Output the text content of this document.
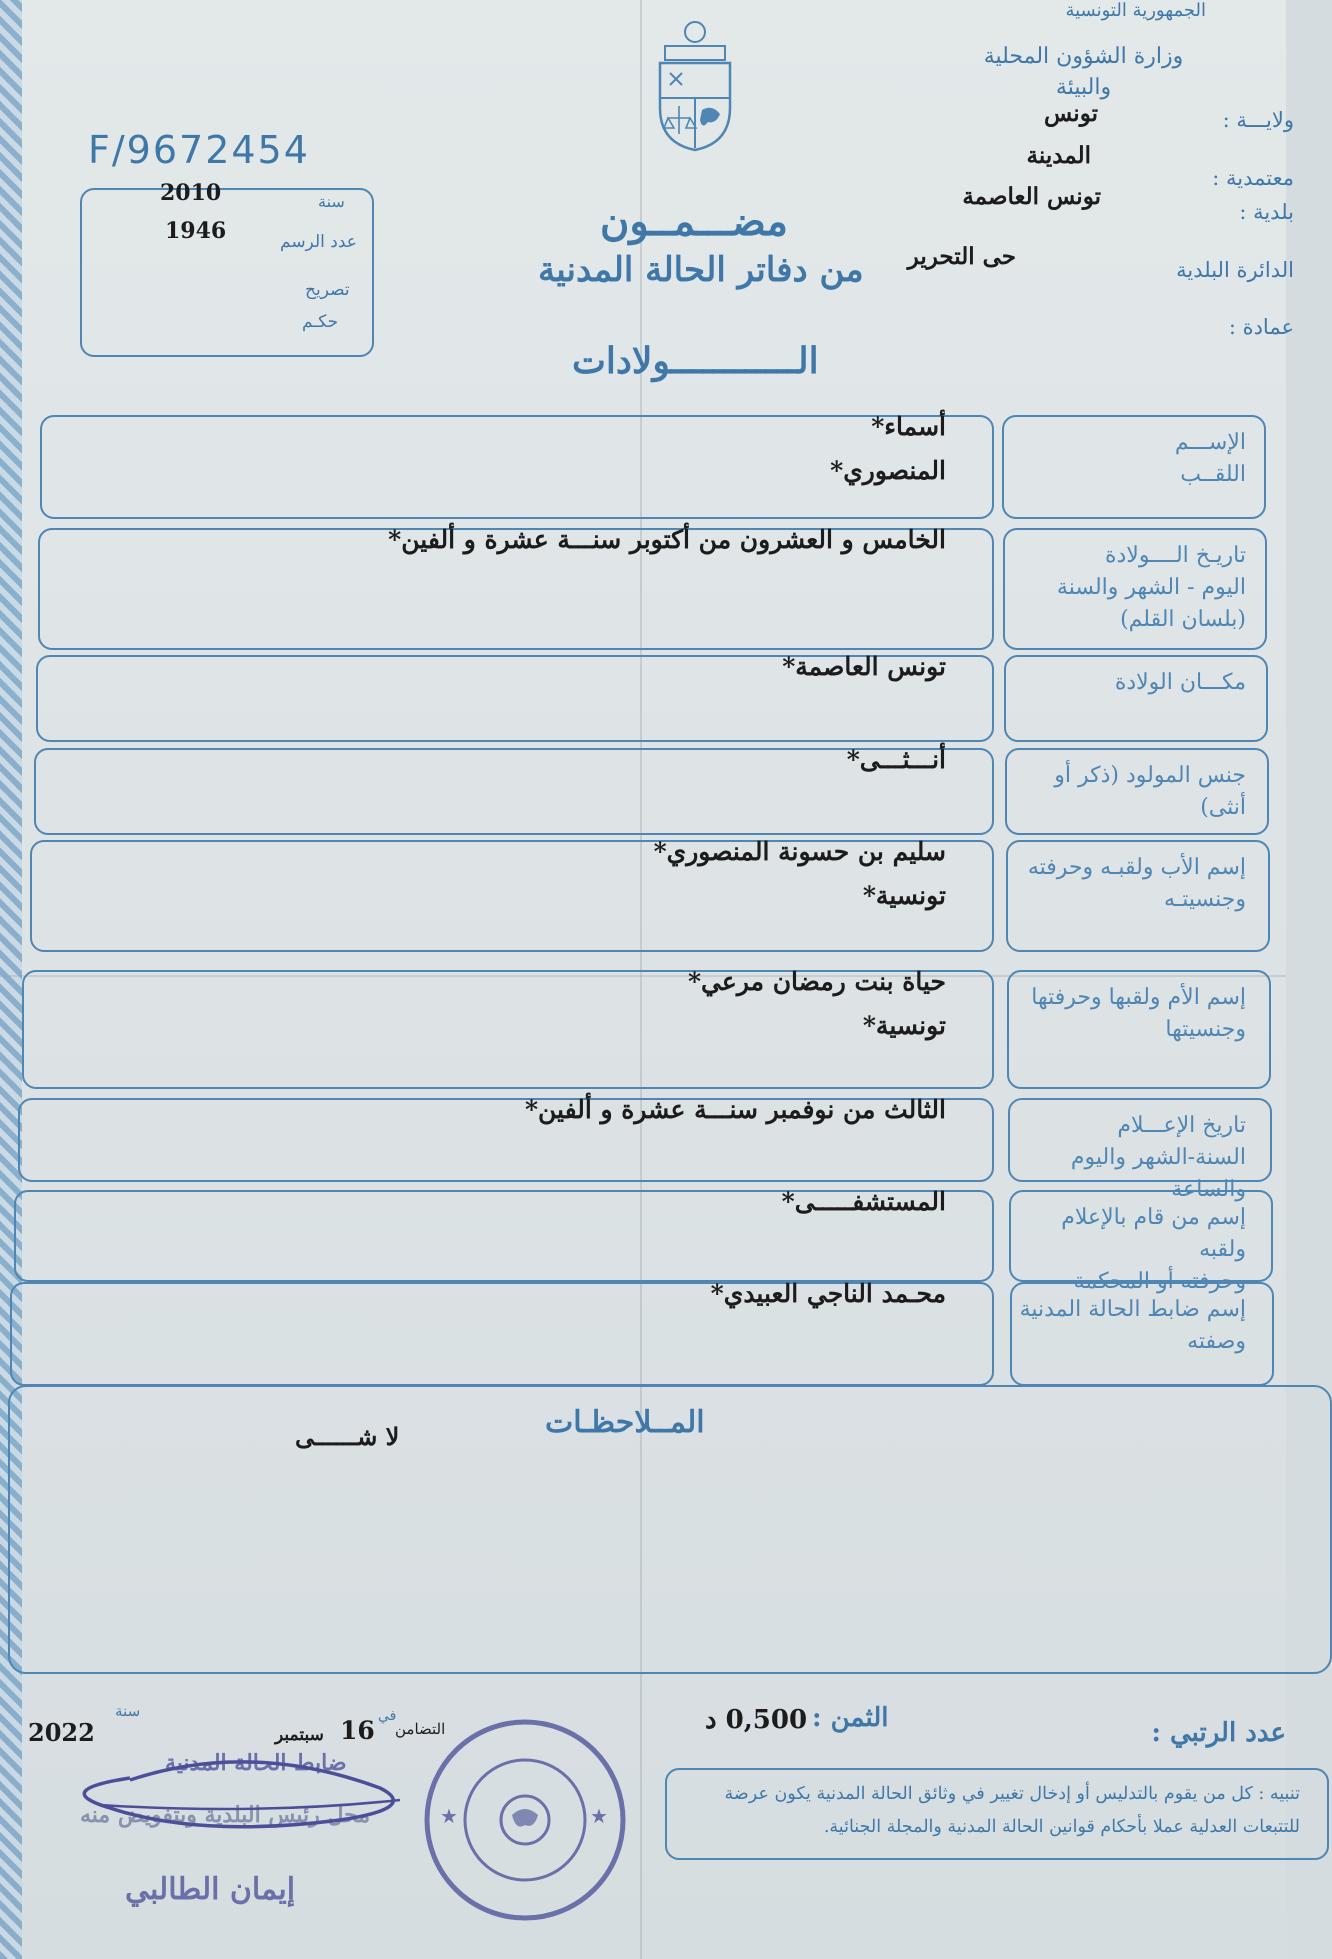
الجمهورية التونسية
وزارة الشؤون المحلية والبيئة
F/9672454
2010	سنة
1946	عدد الرسم
تصريح
حكـم
ولايـــة :
تونس
معتمدية :
المدينة
بلدية :
تونس العاصمة
الدائرة البلدية
حى التحرير
عمادة :
مضـــمــون
من دفاتر الحالة المدنية
الــــــــــــولادات
الإســـم
اللقــب
أسماء*
المنصوري*
تاريـخ الــــولادة
اليوم - الشهر والسنة
(بلسان القلم)
الخامس و العشرون من أكتوبر سنـــة عشرة و ألفين*
مكـــان الولادة
تونس العاصمة*
جنس المولود (ذكر أو أنثى)
أنـــثـــى*
إسم الأب ولقبـه وحرفته
وجنسيتـه
سليم بن حسونة المنصوري*
تونسية*
إسم الأم ولقبها وحرفتها
وجنسيتها
حياة بنت رمضان مرعي*
تونسية*
تاريخ الإعـــلام
السنة-الشهر واليوم والساعة
الثالث من نوفمبر سنـــة عشرة و ألفين*
إسم من قام بالإعلام ولقبه
وحرفته أو المحكمة
المستشفـــــى*
إسم ضابط الحالة المدنية
وصفته
محـمد الناجي العبيدي*
المــلاحظـات
لا شــــــى
عدد الرتبي :
الثمن :
0,500 د
2022
سنة
16
سبتمبر
في
التضامن
تنبيه : كل من يقوم بالتدليس أو إدخال تغيير في وثائق الحالة المدنية يكون عرضة
للتتبعات العدلية عملا بأحكام قوانين الحالة المدنية والمجلة الجنائية.
ضابط الحالة المدنية
محل رئيس البلدية وبتفويض منه
إيمان الطالبي
★	★
